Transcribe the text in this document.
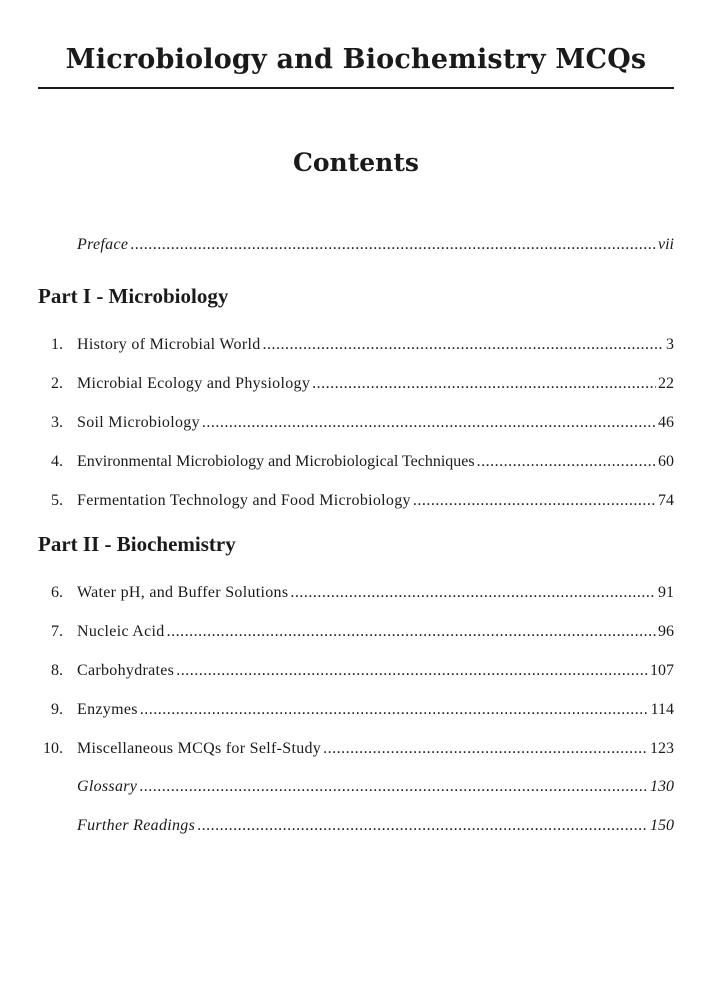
Microbiology and Biochemistry MCQs
Contents
Preface .....	vii
Part I - Microbiology
1. History of Microbial World .....	3
2. Microbial Ecology and Physiology .....	22
3. Soil Microbiology .....	46
4. Environmental Microbiology and Microbiological Techniques .....	60
5. Fermentation Technology and Food Microbiology .....	74
Part II - Biochemistry
6. Water pH, and Buffer Solutions .....	91
7. Nucleic Acid .....	96
8. Carbohydrates .....	107
9. Enzymes .....	114
10. Miscellaneous MCQs for Self-Study .....	123
Glossary .....	130
Further Readings .....	150
